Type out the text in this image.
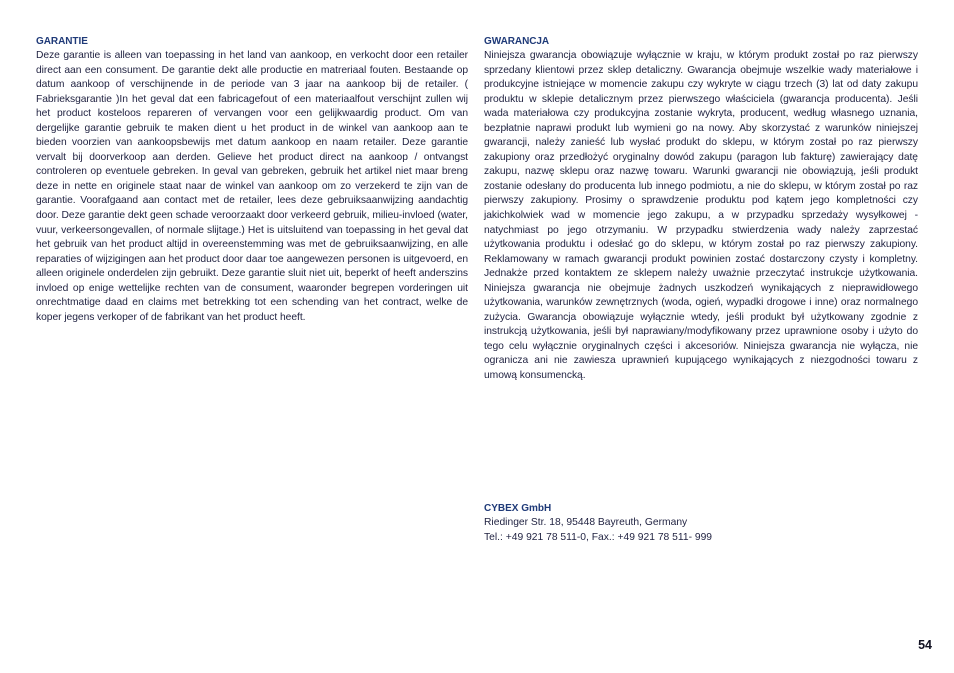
GARANTIE

Deze garantie is alleen van toepassing in het land van aankoop, en verkocht door een retailer direct aan een consument. De garantie dekt alle productie en matreriaal fouten. Bestaande op datum aankoop of verschijnende in de periode van 3 jaar na aankoop bij de retailer. ( Fabrieksgarantie )In het geval dat een fabricagefout of een materiaalfout verschijnt zullen wij het product kosteloos repareren of vervangen voor een gelijkwaardig product. Om van dergelijke garantie gebruik te maken dient u het product in de winkel van aankoop aan te bieden voorzien van aankoopsbewijs met datum aankoop en naam retailer. Deze garantie vervalt bij doorverkoop aan derden. Gelieve het product direct na aankoop / ontvangst controleren op eventuele gebreken. In geval van gebreken, gebruik het artikel niet maar breng deze in nette en originele staat naar de winkel van aankoop om zo verzekerd te zijn van de garantie. Voorafgaand aan contact met de retailer, lees deze gebruiksaanwijzing aandachtig door. Deze garantie dekt geen schade veroorzaakt door verkeerd gebruik, milieu-invloed (water, vuur, verkeersongevallen, of normale slijtage.) Het is uitsluitend van toepassing in het geval dat het gebruik van het product altijd in overeenstemming was met de gebruiksaanwijzing, en alle reparaties of wijzigingen aan het product door daar toe aangewezen personen is uitgevoerd, en alleen originele onderdelen zijn gebruikt. Deze garantie sluit niet uit, beperkt of heeft anderszins invloed op enige wettelijke rechten van de consument, waaronder begrepen vorderingen uit onrechtmatige daad en claims met betrekking tot een schending van het contract, welke de koper jegens verkoper of de fabrikant van het product heeft.

GWARANCJA

Niniejsza gwarancja obowiązuje wyłącznie w kraju, w którym produkt został po raz pierwszy sprzedany klientowi przez sklep detaliczny. Gwarancja obejmuje wszelkie wady materiałowe i produkcyjne istniejące w momencie zakupu czy wykryte w ciągu trzech (3) lat od daty zakupu produktu w sklepie detalicznym przez pierwszego właściciela (gwarancja producenta). Jeśli wada materiałowa czy produkcyjna zostanie wykryta, producent, według własnego uznania, bezpłatnie naprawi produkt lub wymieni go na nowy. Aby skorzystać z warunków niniejszej gwarancji, należy zanieść lub wysłać produkt do sklepu, w którym został po raz pierwszy zakupiony oraz przedłożyć oryginalny dowód zakupu (paragon lub fakturę) zawierający datę zakupu, nazwę sklepu oraz nazwę towaru. Warunki gwarancji nie obowiązują, jeśli produkt zostanie odesłany do producenta lub innego podmiotu, a nie do sklepu, w którym został po raz pierwszy zakupiony. Prosimy o sprawdzenie produktu pod kątem jego kompletności czy jakichkolwiek wad w momencie jego zakupu, a w przypadku sprzedaży wysyłkowej - natychmiast po jego otrzymaniu. W przypadku stwierdzenia wady należy zaprzestać użytkowania produktu i odesłać go do sklepu, w którym został po raz pierwszy zakupiony. Reklamowany w ramach gwarancji produkt powinien zostać dostarczony czysty i kompletny. Jednakże przed kontaktem ze sklepem należy uważnie przeczytać instrukcje użytkowania. Niniejsza gwarancja nie obejmuje żadnych uszkodzeń wynikających z nieprawidłowego użytkowania, warunków zewnętrznych (woda, ogień, wypadki drogowe i inne) oraz normalnego zużycia. Gwarancja obowiązuje wyłącznie wtedy, jeśli produkt był użytkowany zgodnie z instrukcją użytkowania, jeśli był naprawiany/modyfikowany przez uprawnione osoby i użyto do tego celu wyłącznie oryginalnych części i akcesoriów. Niniejsza gwarancja nie wyłącza, nie ogranicza ani nie zawiesza uprawnień kupującego wynikających z niezgodności towaru z umową konsumencką.

CYBEX GmbH
Riedinger Str. 18, 95448 Bayreuth, Germany
Tel.: +49 921 78 511-0, Fax.: +49 921 78 511- 999
54
